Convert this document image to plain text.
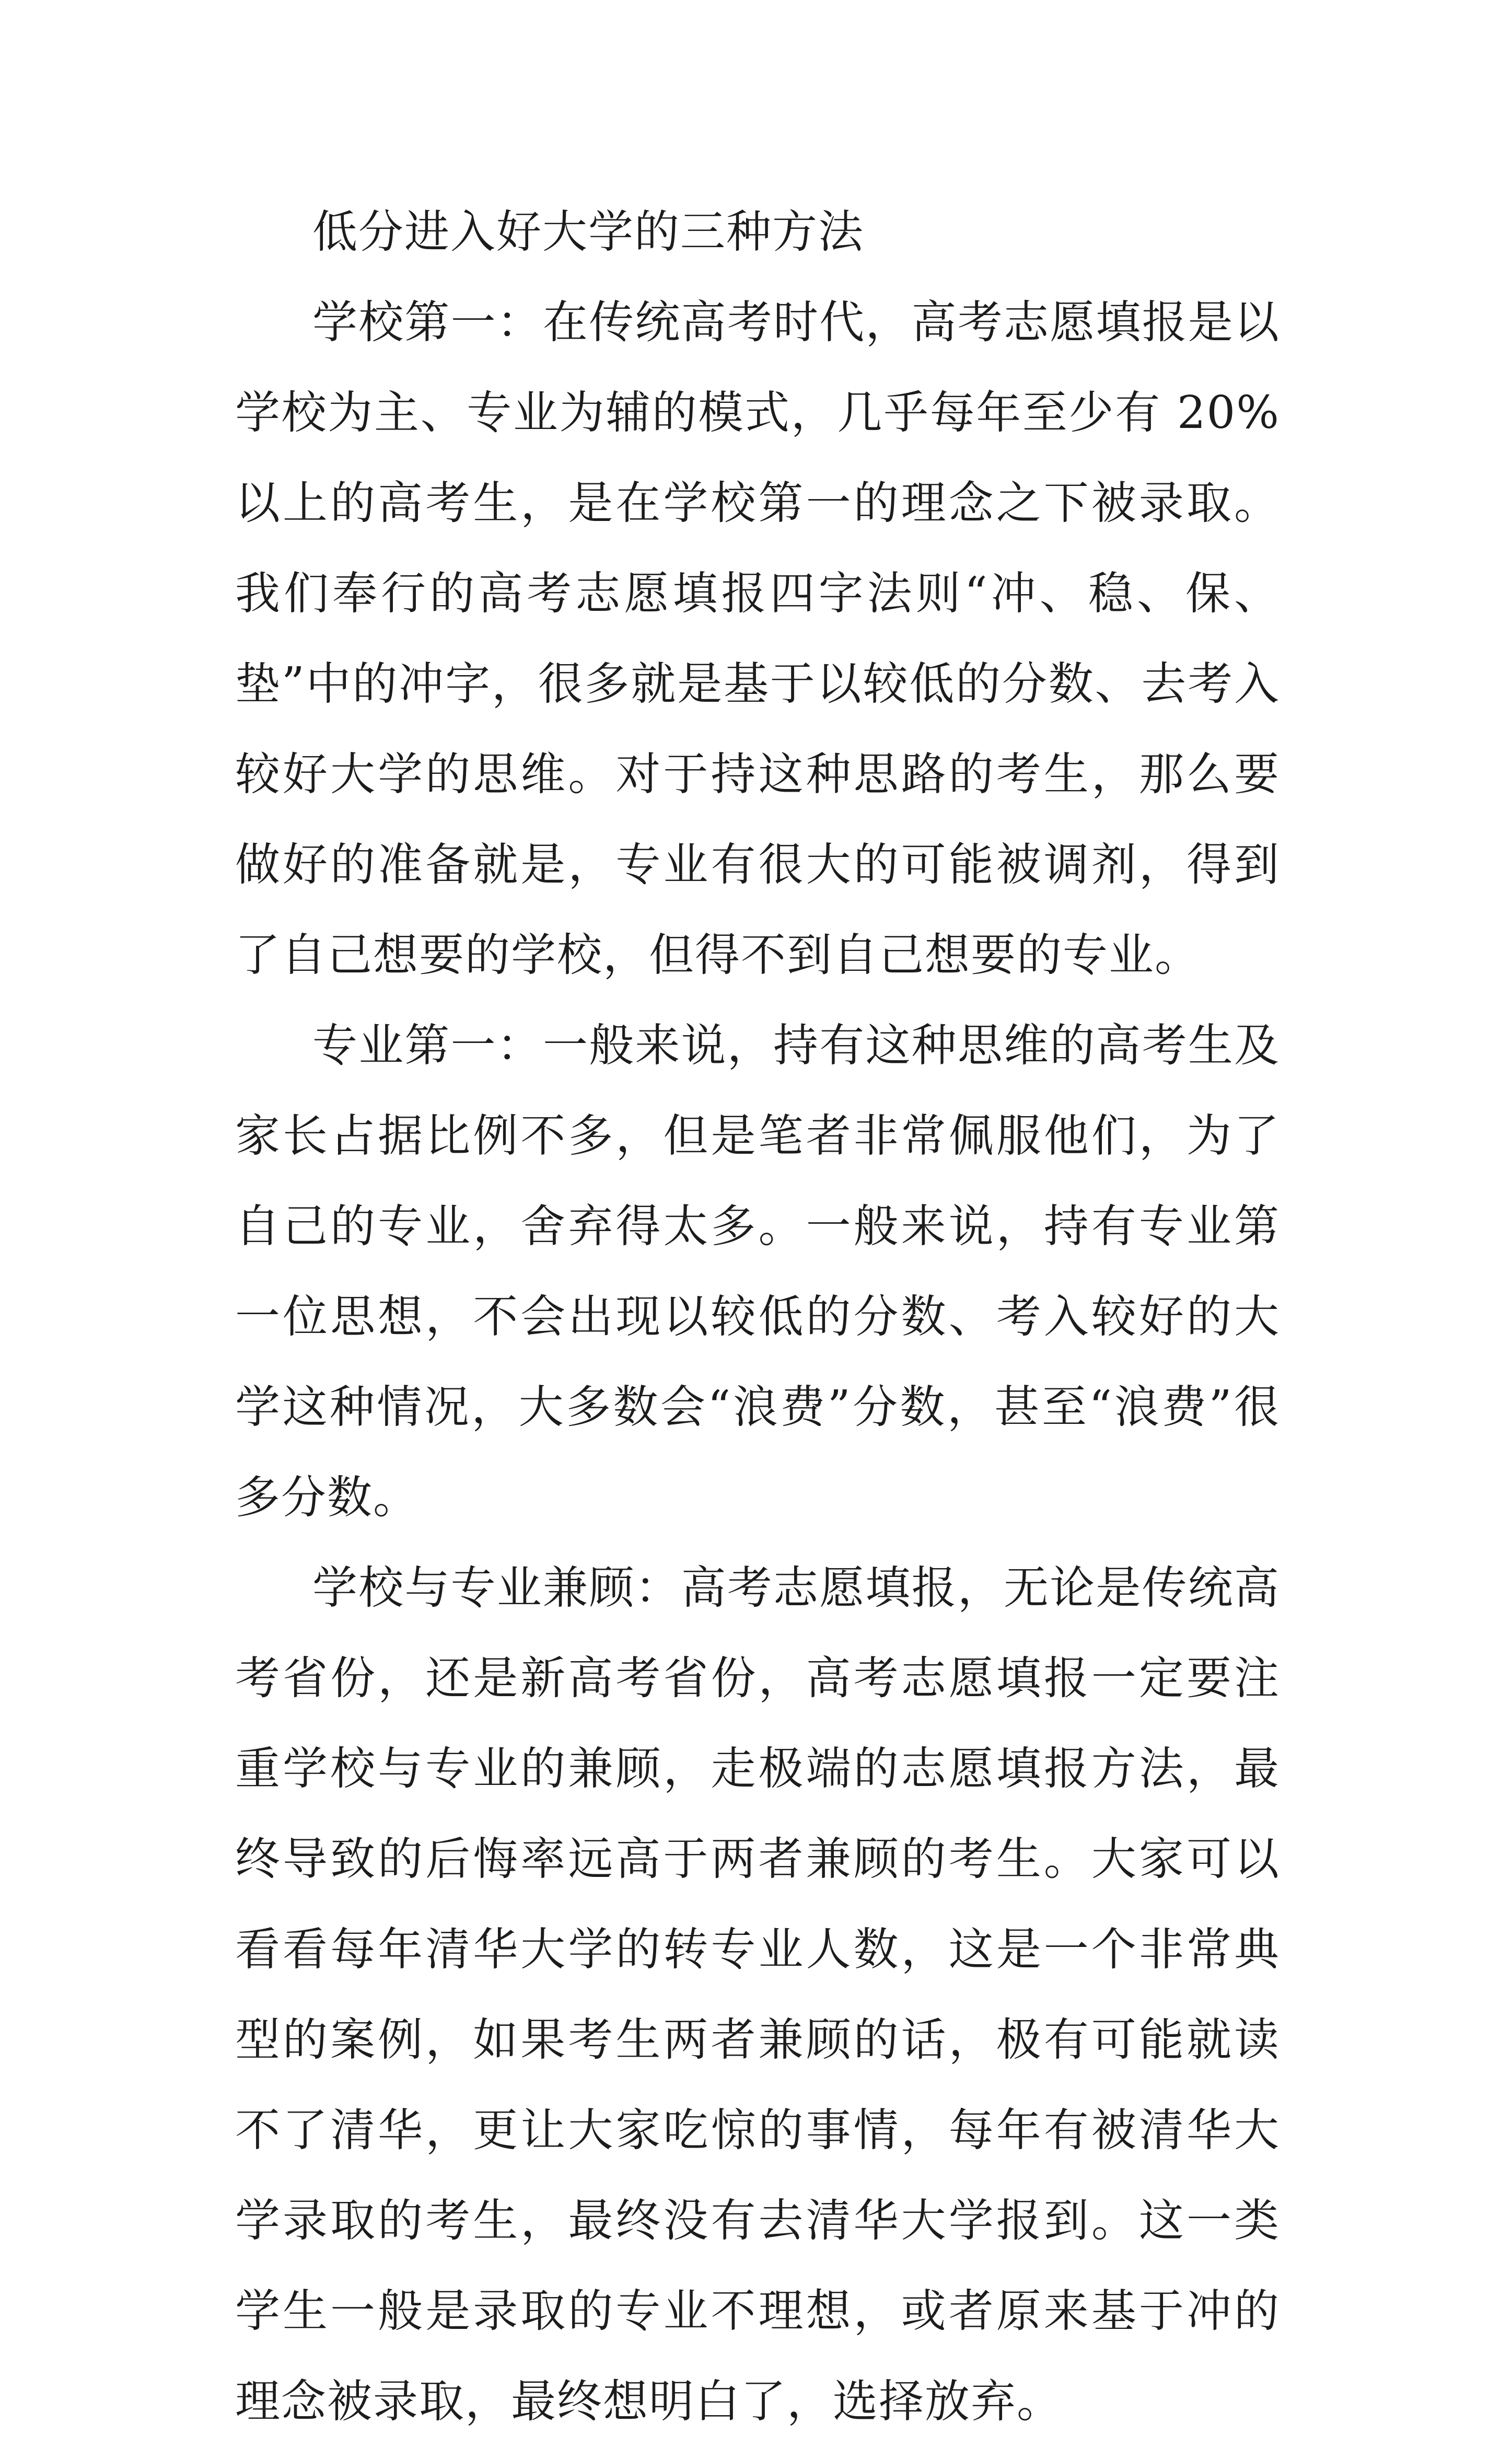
低分进入好大学的三种方法

学校第一：在传统高考时代，高考志愿填报是以学校为主、专业为辅的模式，几乎每年至少有 20%以上的高考生，是在学校第一的理念之下被录取。我们奉行的高考志愿填报四字法则“冲、稳、保、垫”中的冲字，很多就是基于以较低的分数、去考入较好大学的思维。对于持这种思路的考生，那么要做好的准备就是，专业有很大的可能被调剂，得到了自己想要的学校，但得不到自己想要的专业。

专业第一：一般来说，持有这种思维的高考生及家长占据比例不多，但是笔者非常佩服他们，为了自己的专业，舍弃得太多。一般来说，持有专业第一位思想，不会出现以较低的分数、考入较好的大学这种情况，大多数会“浪费”分数，甚至“浪费”很多分数。

学校与专业兼顾：高考志愿填报，无论是传统高考省份，还是新高考省份，高考志愿填报一定要注重学校与专业的兼顾，走极端的志愿填报方法，最终导致的后悔率远高于两者兼顾的考生。大家可以看看每年清华大学的转专业人数，这是一个非常典型的案例，如果考生两者兼顾的话，极有可能就读不了清华，更让大家吃惊的事情，每年有被清华大学录取的考生，最终没有去清华大学报到。这一类学生一般是录取的专业不理想，或者原来基于冲的理念被录取，最终想明白了，选择放弃。
